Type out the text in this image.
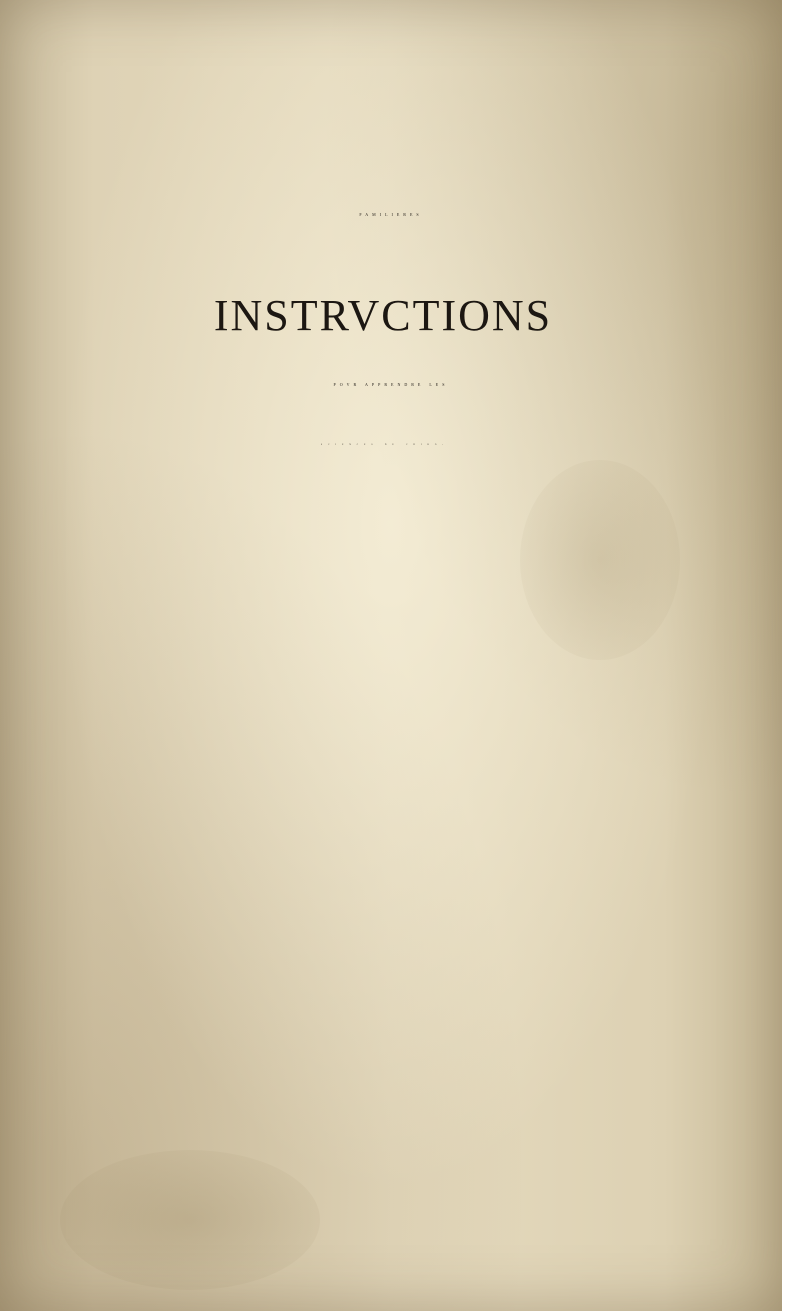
FAMILIERES
INSTRVCTIONS
POVR APPRENDRE LES
SCIENCES DE CHIRO-
